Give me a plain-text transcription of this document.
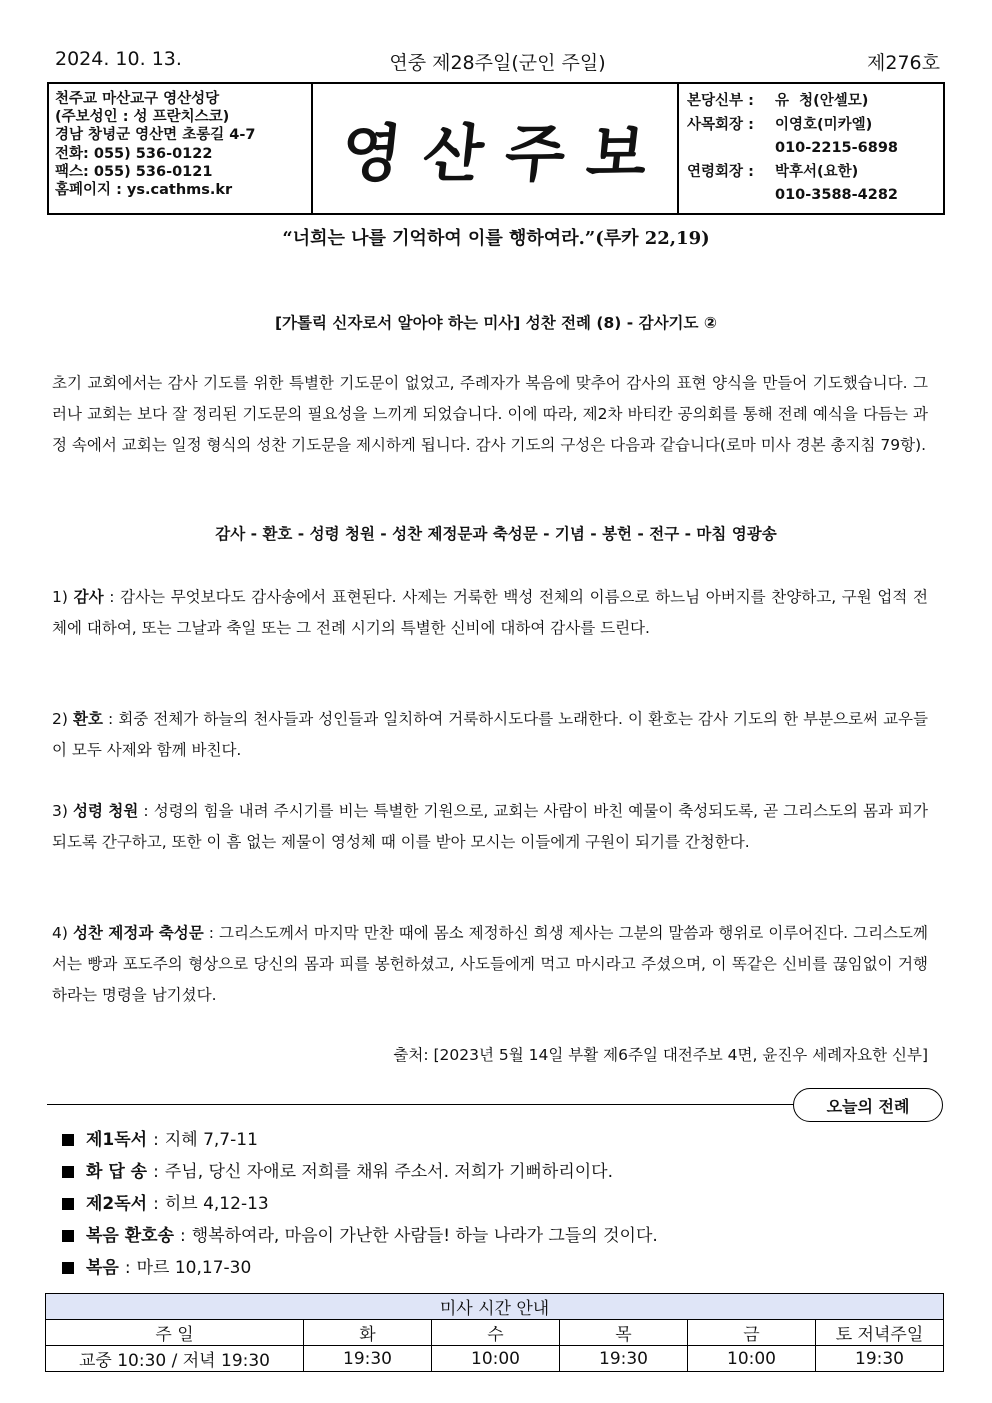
2024. 10. 13.	연중 제28주일(군인 주일)	제276호
천주교 마산교구 영산성당
(주보성인 : 성 프란치스코)
경남 창녕군 영산면 초롱길 4-7
전화: 055) 536-0122
팩스: 055) 536-0121
홈페이지 : ys.cathms.kr
영산주보
본당신부 :	유  청(안셀모)
사목회장 :	이영호(미카엘)
010-2215-6898
연령회장 :	박후서(요한)
010-3588-4282
“너희는 나를 기억하여 이를 행하여라.”(루카 22,19)
[가톨릭 신자로서 알아야 하는 미사] 성찬 전례 (8) - 감사기도 ②
초기 교회에서는 감사 기도를 위한 특별한 기도문이 없었고, 주례자가 복음에 맞추어 감사의 표현 양식을 만들어 기도했습니다. 그러나 교회는 보다 잘 정리된 기도문의 필요성을 느끼게 되었습니다. 이에 따라, 제2차 바티칸 공의회를 통해 전례 예식을 다듬는 과정 속에서 교회는 일정 형식의 성찬 기도문을 제시하게 됩니다. 감사 기도의 구성은 다음과 같습니다(로마 미사 경본 총지침 79항).
감사 - 환호 - 성령 청원 - 성찬 제정문과 축성문 - 기념 - 봉헌 - 전구 - 마침 영광송
1) 감사 : 감사는 무엇보다도 감사송에서 표현된다. 사제는 거룩한 백성 전체의 이름으로 하느님 아버지를 찬양하고, 구원 업적 전체에 대하여, 또는 그날과 축일 또는 그 전례 시기의 특별한 신비에 대하여 감사를 드린다.
2) 환호 : 회중 전체가 하늘의 천사들과 성인들과 일치하여 거룩하시도다를 노래한다. 이 환호는 감사 기도의 한 부분으로써 교우들이 모두 사제와 함께 바친다.
3) 성령 청원 : 성령의 힘을 내려 주시기를 비는 특별한 기원으로, 교회는 사람이 바친 예물이 축성되도록, 곧 그리스도의 몸과 피가 되도록 간구하고, 또한 이 흠 없는 제물이 영성체 때 이를 받아 모시는 이들에게 구원이 되기를 간청한다.
4) 성찬 제정과 축성문 : 그리스도께서 마지막 만찬 때에 몸소 제정하신 희생 제사는 그분의 말씀과 행위로 이루어진다. 그리스도께서는 빵과 포도주의 형상으로 당신의 몸과 피를 봉헌하셨고, 사도들에게 먹고 마시라고 주셨으며, 이 똑같은 신비를 끊임없이 거행하라는 명령을 남기셨다.
출처: [2023년 5월 14일 부활 제6주일 대전주보 4면, 윤진우 세례자요한 신부]
오늘의 전례
제1독서 : 지혜 7,7-11
화 답 송 : 주님, 당신 자애로 저희를 채워 주소서. 저희가 기뻐하리이다.
제2독서 : 히브 4,12-13
복음 환호송 : 행복하여라, 마음이 가난한 사람들! 하늘 나라가 그들의 것이다.
복음 : 마르 10,17-30
미사 시간 안내					
주 일	화	수	목	금	토 저녁주일
교중 10:30 / 저녁 19:30	19:30	10:00	19:30	10:00	19:30
